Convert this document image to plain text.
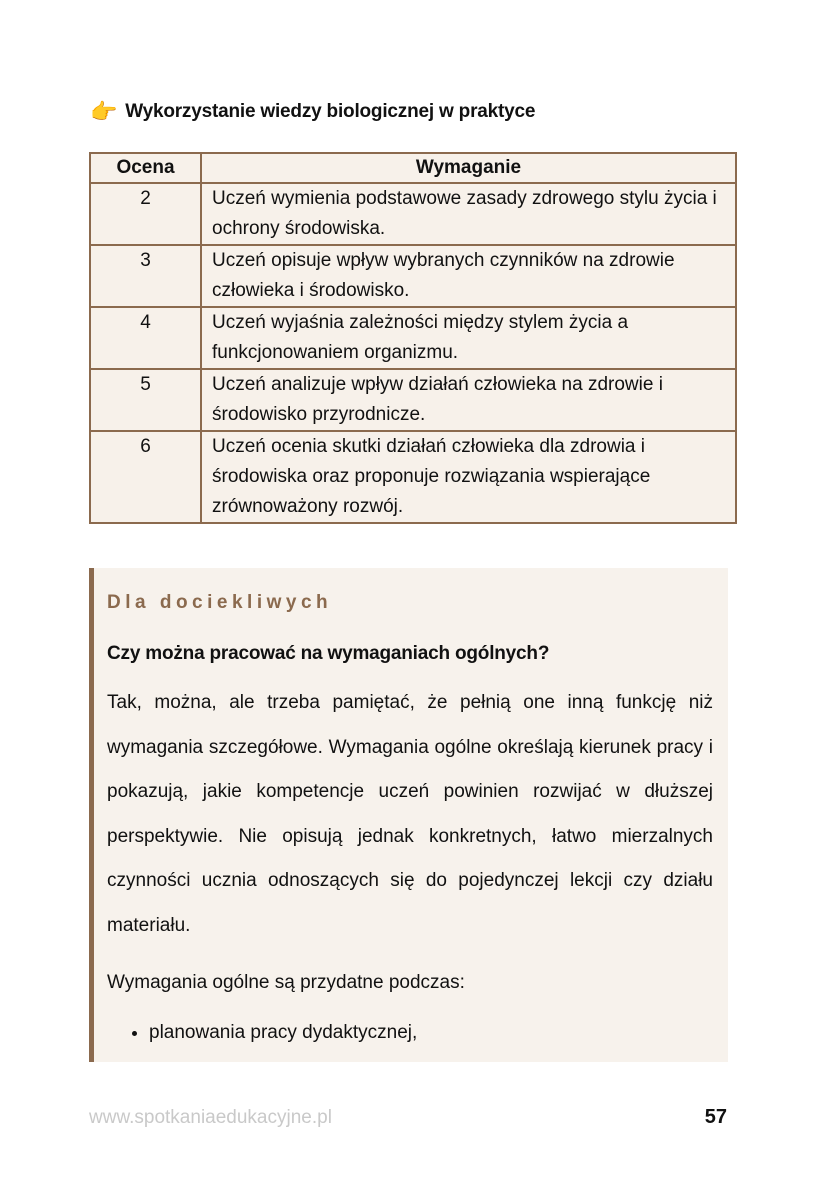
👉 Wykorzystanie wiedzy biologicznej w praktyce
Ocena	Wymaganie
2	Uczeń wymienia podstawowe zasady zdrowego stylu życia i ochrony środowiska.
3	Uczeń opisuje wpływ wybranych czynników na zdrowie człowieka i środowisko.
4	Uczeń wyjaśnia zależności między stylem życia a funkcjonowaniem organizmu.
5	Uczeń analizuje wpływ działań człowieka na zdrowie i środowisko przyrodnicze.
6	Uczeń ocenia skutki działań człowieka dla zdrowia i środowiska oraz proponuje rozwiązania wspierające zrównoważony rozwój.
Dla dociekliwych
Czy można pracować na wymaganiach ogólnych?
Tak, można, ale trzeba pamiętać, że pełnią one inną funkcję niż wymagania szczegółowe. Wymagania ogólne określają kierunek pracy i pokazują, jakie kompetencje uczeń powinien rozwijać w dłuższej perspektywie. Nie opisują jednak konkretnych, łatwo mierzalnych czynności ucznia odnoszących się do pojedynczej lekcji czy działu materiału.
Wymagania ogólne są przydatne podczas:
• planowania pracy dydaktycznej,
www.spotkaniaedukacyjne.pl	57
